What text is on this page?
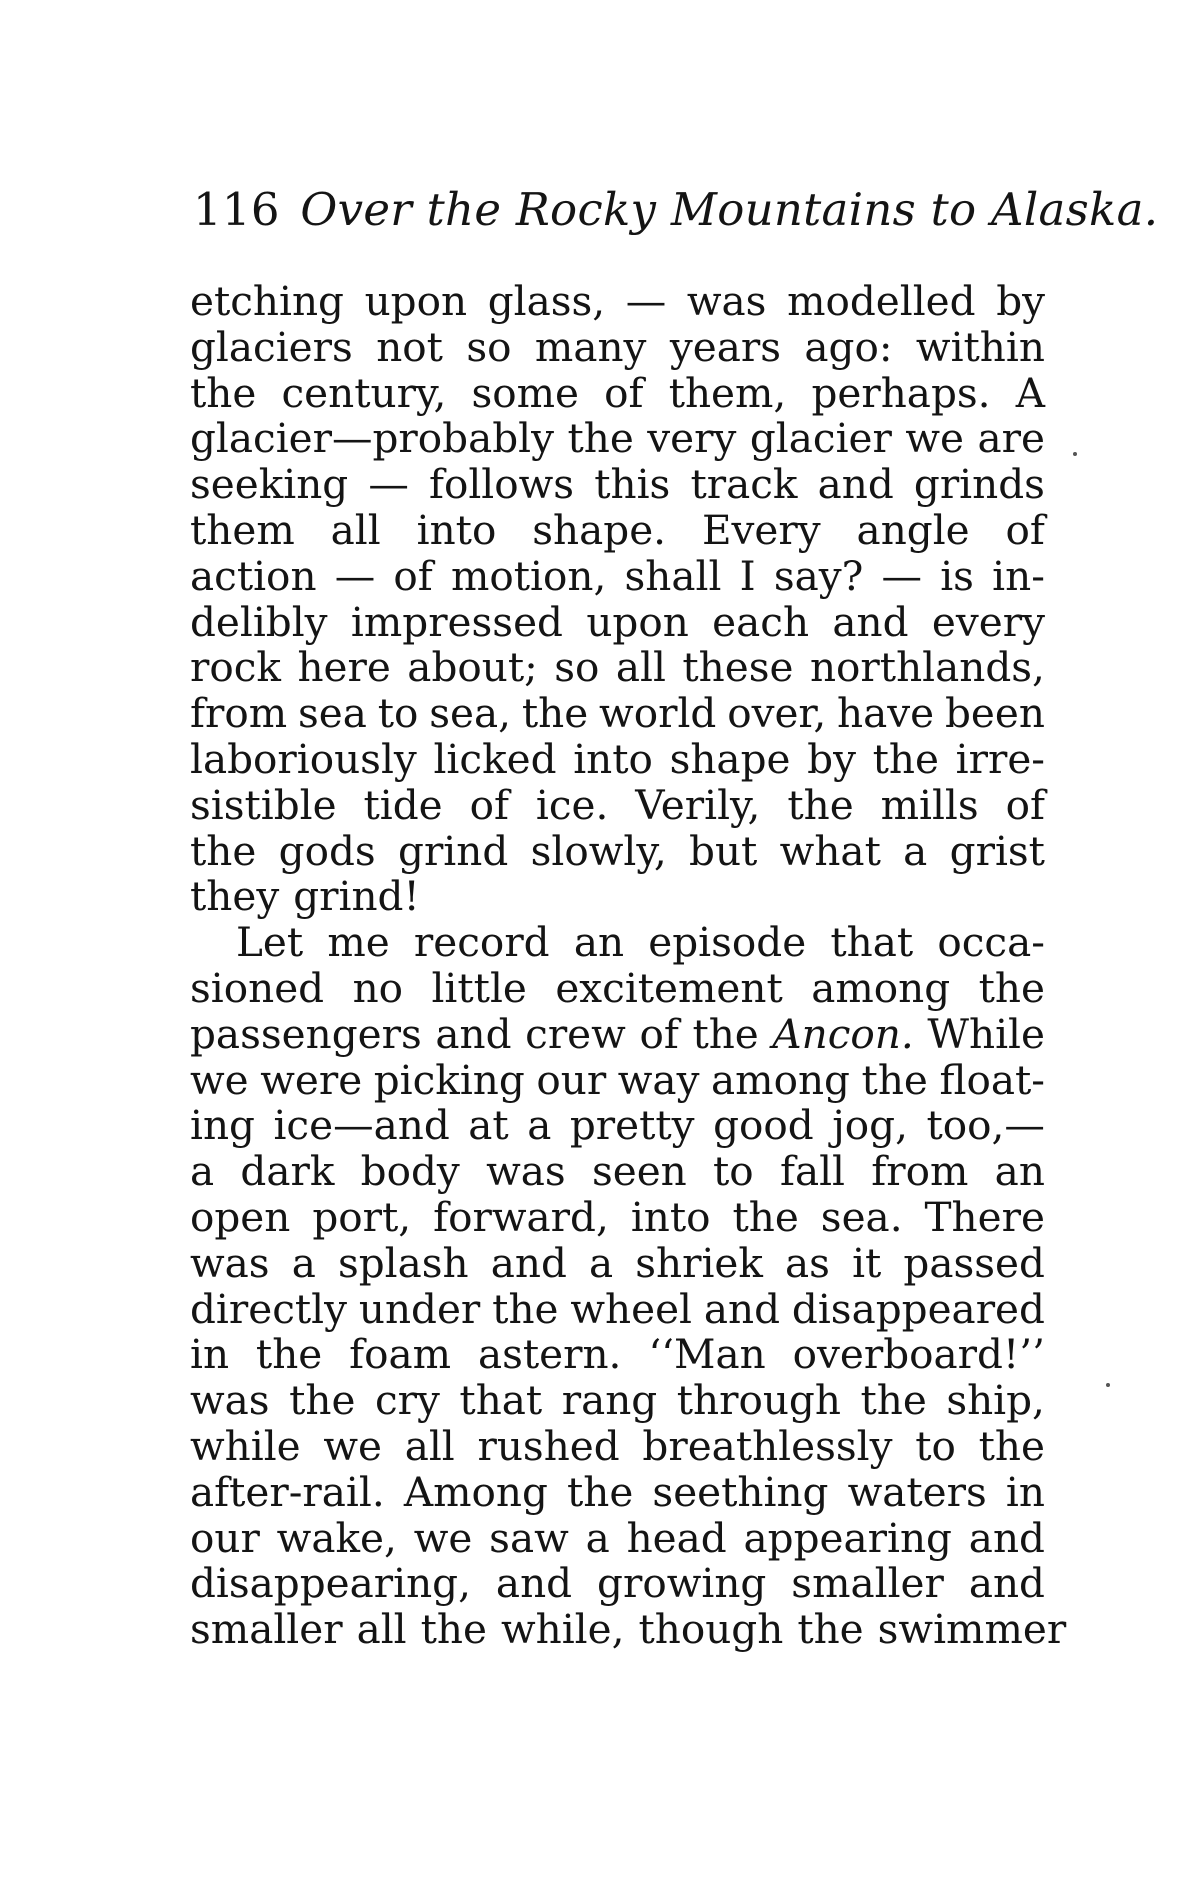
116 Over the Rocky Mountains to Alaska.
etching upon glass, — was modelled by
glaciers not so many years ago: within
the century, some of them, perhaps. A
glacier—probably the very glacier we are
seeking — follows this track and grinds
them all into shape. Every angle of
action — of motion, shall I say? — is in-
delibly impressed upon each and every
rock here about; so all these northlands,
from sea to sea, the world over, have been
laboriously licked into shape by the irre-
sistible tide of ice. Verily, the mills of
the gods grind slowly, but what a grist
they grind!
Let me record an episode that occa-
sioned no little excitement among the
passengers and crew of the Ancon. While
we were picking our way among the float-
ing ice—and at a pretty good jog, too,—
a dark body was seen to fall from an
open port, forward, into the sea. There
was a splash and a shriek as it passed
directly under the wheel and disappeared
in the foam astern. ‘‘Man overboard!’’
was the cry that rang through the ship,
while we all rushed breathlessly to the
after-rail. Among the seething waters in
our wake, we saw a head appearing and
disappearing, and growing smaller and
smaller all the while, though the swimmer
